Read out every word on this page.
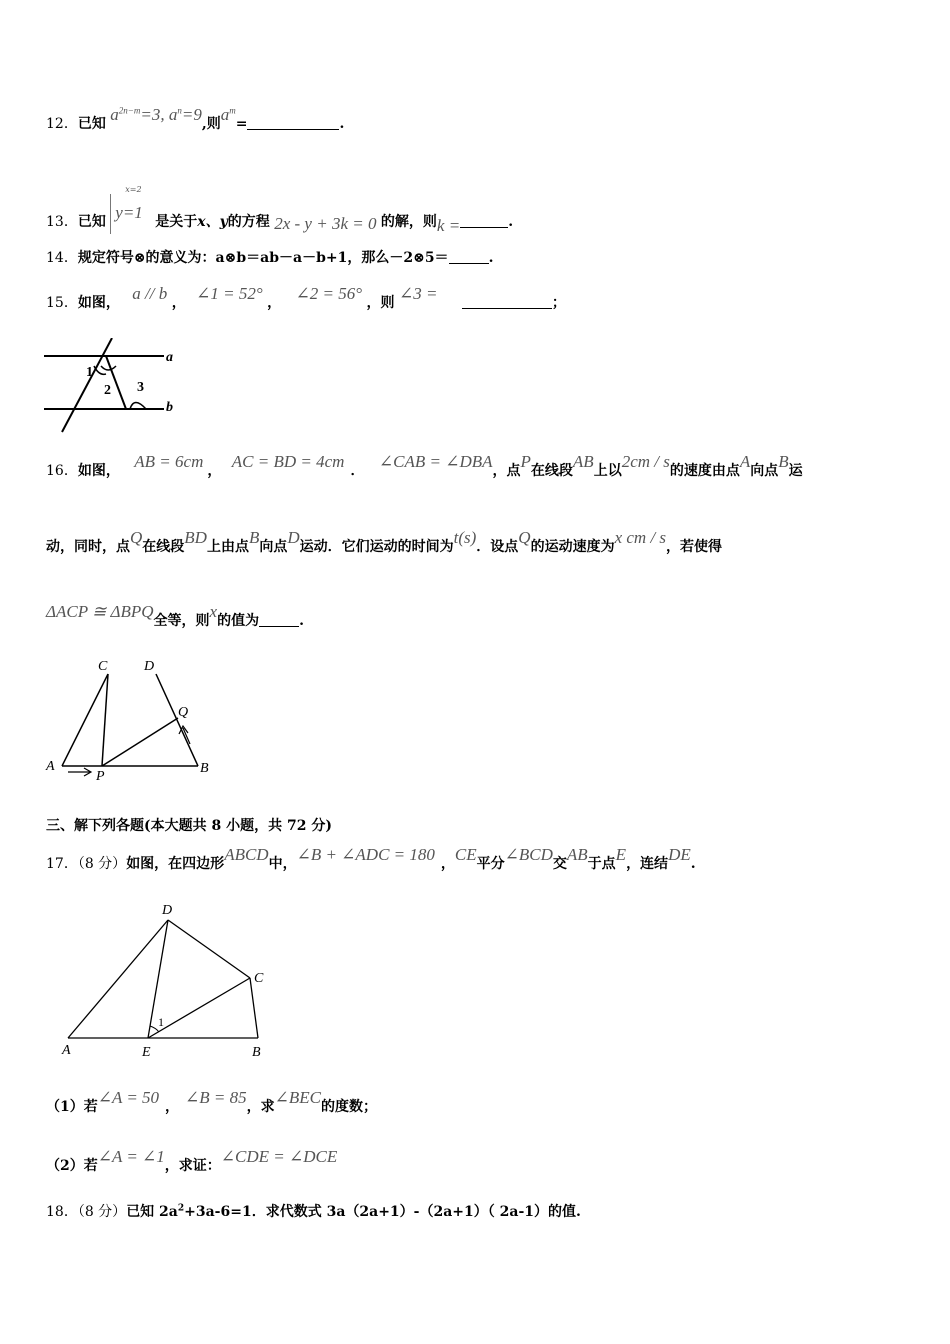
12．已知 $a^{2n-m}=3$, $a^n=9$,则$a^m=$	.
13．已知
x=2
y=1 是关于x、y的方程 2x - y + 3k = 0 的解，则k =	.
14．规定符号⊗的意义为：a⊗b＝ab－a－b+1，那么－2⊗5＝	.
15．如图， a // b ， ∠1 = 52° ， ∠2 = 56° ，则 ∠3 =	；
a
b
1
2 3
16．如图， AB = 6cm ， AC = BD = 4cm ． ∠CAB = ∠DBA，点P在线段AB上以2cm / s的速度由点A向点B运
动，同时，点Q在线段BD上由点B向点D运动．它们运动的时间为t(s)．设点Q的运动速度为x cm / s，若使得
ΔACP ≅ ΔBPQ全等，则x的值为	.
C	D
Q
A
P
B
三、解下列各题(本大题共 8 小题，共 72 分)
17．（8 分）如图，在四边形ABCD中，∠B + ∠ADC = 180 ，CE平分∠BCD交AB于点E，连结DE.
D
C
A	E	B
1
（1）若∠A = 50 ， ∠B = 85，求∠BEC的度数；
（2）若∠A = ∠1，求证：∠CDE = ∠DCE
18．（8 分）已知 $2a^2+3a-6=1$．求代数式 3a（2a+1）-（2a+1）（ 2a-1）的值.
